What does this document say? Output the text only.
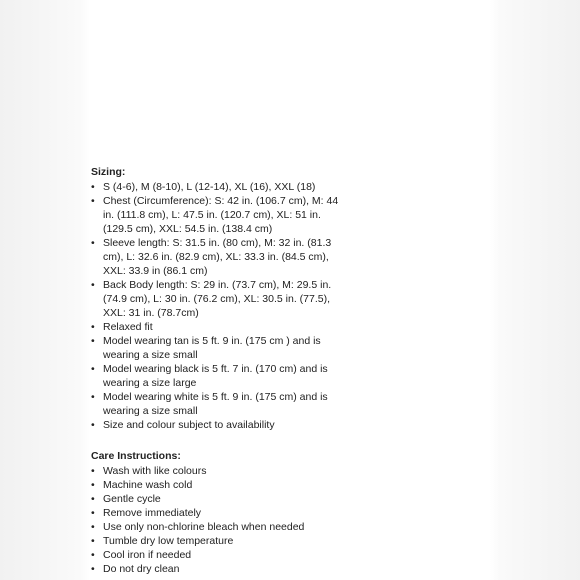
Sizing:
• S (4-6), M (8-10), L (12-14), XL (16), XXL (18)
• Chest (Circumference): S: 42 in. (106.7 cm), M: 44 in. (111.8 cm), L: 47.5 in. (120.7 cm), XL: 51 in. (129.5 cm), XXL: 54.5 in. (138.4 cm)
• Sleeve length: S: 31.5 in. (80 cm), M: 32 in. (81.3 cm), L: 32.6 in. (82.9 cm), XL: 33.3 in. (84.5 cm), XXL: 33.9 in (86.1 cm)
• Back Body length: S: 29 in. (73.7 cm), M: 29.5 in. (74.9 cm), L: 30 in. (76.2 cm), XL: 30.5 in. (77.5), XXL: 31 in. (78.7cm)
• Relaxed fit
• Model wearing tan is 5 ft. 9 in. (175 cm ) and is wearing a size small
• Model wearing black is 5 ft. 7 in. (170 cm) and is wearing a size large
• Model wearing white is 5 ft. 9 in. (175 cm) and is wearing a size small
• Size and colour subject to availability
Care Instructions:
• Wash with like colours
• Machine wash cold
• Gentle cycle
• Remove immediately
• Use only non-chlorine bleach when needed
• Tumble dry low temperature
• Cool iron if needed
• Do not dry clean
